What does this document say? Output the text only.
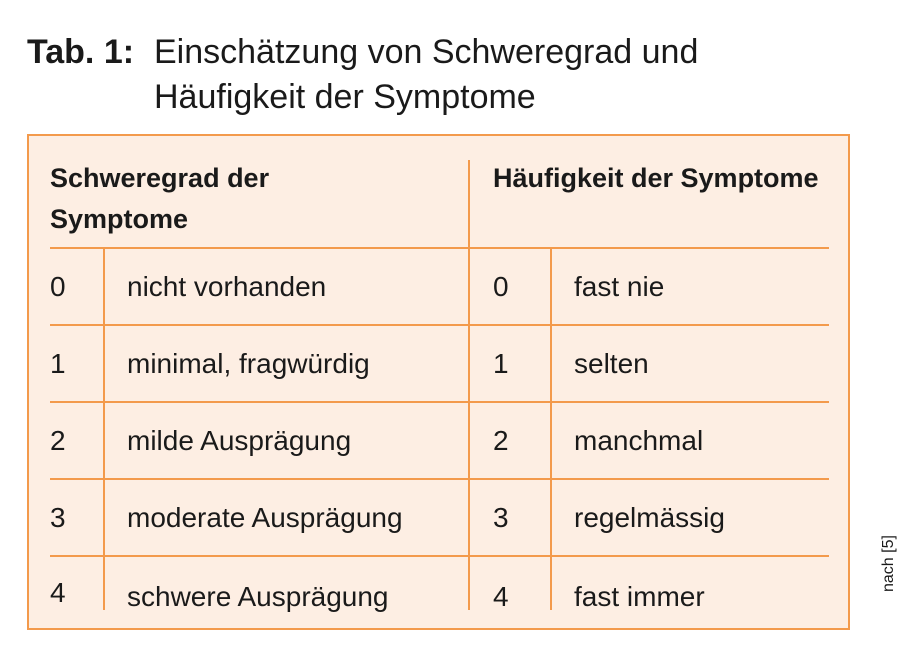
Tab. 1: Einschätzung von Schweregrad und Häufigkeit der Symptome
Schweregrad der Symptome
Häufigkeit der Symptome
0 nicht vorhanden	0 fast nie
1 minimal, fragwürdig	1 selten
2 milde Ausprägung	2 manchmal
3 moderate Ausprägung	3 regelmässig
4 schwere Ausprägung	4 fast immer
nach [5]
